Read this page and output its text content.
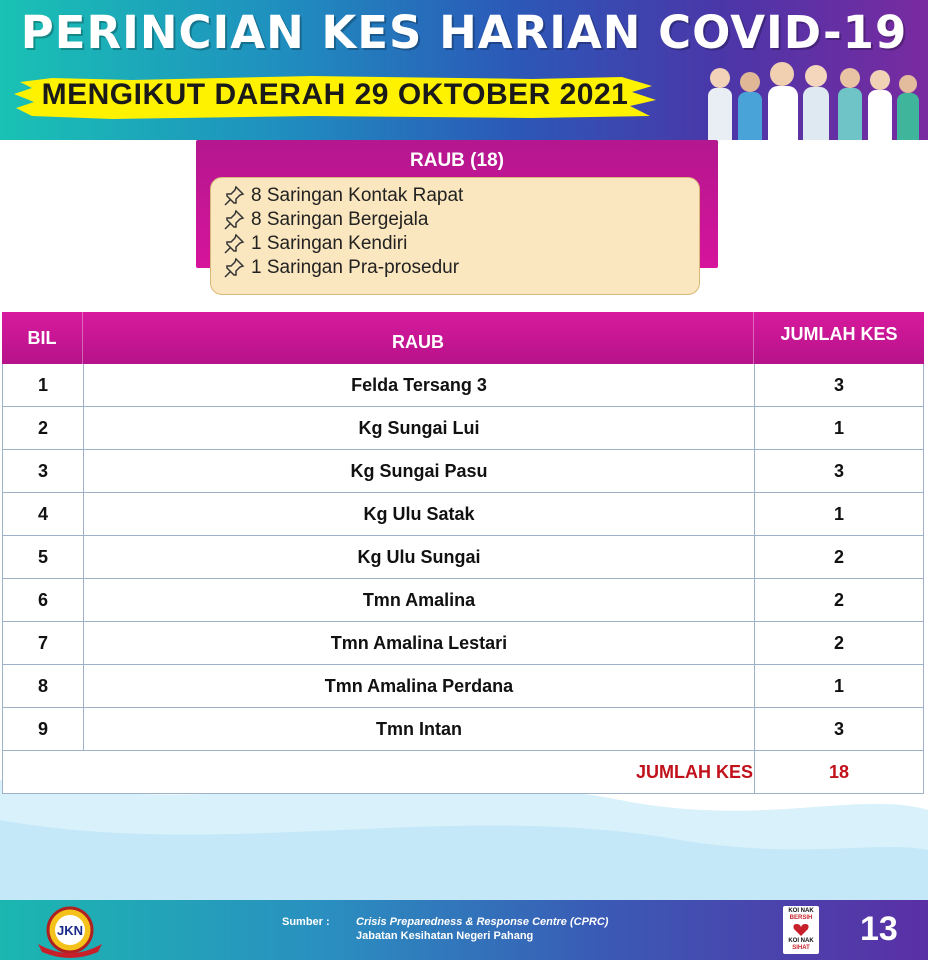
PERINCIAN KES HARIAN COVID-19
MENGIKUT DAERAH 29 OKTOBER 2021
RAUB (18)
8 Saringan Kontak Rapat
8 Saringan Bergejala
1 Saringan Kendiri
1 Saringan Pra-prosedur
BIL	RAUB	JUMLAH KES
1	Felda Tersang 3	3
2	Kg Sungai Lui	1
3	Kg Sungai Pasu	3
4	Kg Ulu Satak	1
5	Kg Ulu Sungai	2
6	Tmn Amalina	2
7	Tmn Amalina Lestari	2
8	Tmn Amalina Perdana	1
9	Tmn Intan	3
JUMLAH KES	18
JKN
Sumber : Crisis Preparedness & Response Centre (CPRC)
Jabatan Kesihatan Negeri Pahang
KOI NAK
BERSIH
KOI NAK
SIHAT 13
